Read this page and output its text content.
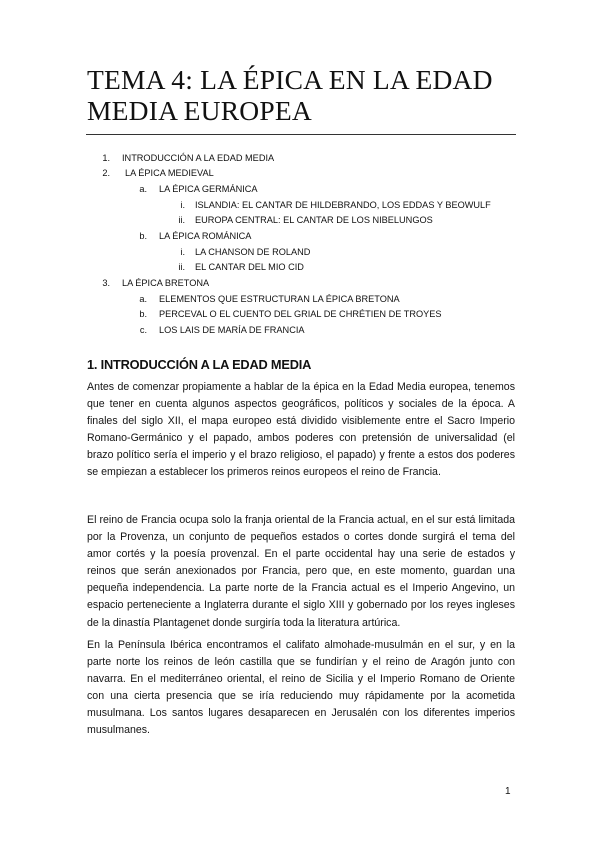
TEMA 4: LA ÉPICA EN LA EDAD
MEDIA EUROPEA
1. INTRODUCCIÓN A LA EDAD MEDIA
2. LA ÉPICA MEDIEVAL
a. LA ÉPICA GERMÁNICA
i. ISLANDIA: EL CANTAR DE HILDEBRANDO, LOS EDDAS Y BEOWULF
ii. EUROPA CENTRAL: EL CANTAR DE LOS NIBELUNGOS
b. LA ÉPICA ROMÁNICA
i. LA CHANSON DE ROLAND
ii. EL CANTAR DEL MIO CID
3. LA ÉPICA BRETONA
a. ELEMENTOS QUE ESTRUCTURAN LA ÉPICA BRETONA
b. PERCEVAL O EL CUENTO DEL GRIAL DE CHRÉTIEN DE TROYES
c. LOS LAIS DE MARÍA DE FRANCIA
1. INTRODUCCIÓN A LA EDAD MEDIA

Antes de comenzar propiamente a hablar de la épica en la Edad Media europea, tenemos que tener en cuenta algunos aspectos geográficos, políticos y sociales de la época. A finales del siglo XII, el mapa europeo está dividido visiblemente entre el Sacro Imperio Romano-Germánico y el papado, ambos poderes con pretensión de universalidad (el brazo político sería el imperio y el brazo religioso, el papado) y frente a estos dos poderes se empiezan a establecer los primeros reinos europeos el reino de Francia.

El reino de Francia ocupa solo la franja oriental de la Francia actual, en el sur está limitada por la Provenza, un conjunto de pequeños estados o cortes donde surgirá el tema del amor cortés y la poesía provenzal. En el parte occidental hay una serie de estados y reinos que serán anexionados por Francia, pero que, en este momento, guardan una pequeña independencia. La parte norte de la Francia actual es el Imperio Angevino, un espacio perteneciente a Inglaterra durante el siglo XIII y gobernado por los reyes ingleses de la dinastía Plantagenet donde surgiría toda la literatura artúrica.

En la Península Ibérica encontramos el califato almohade-musulmán en el sur, y en la parte norte los reinos de león castilla que se fundirían y el reino de Aragón junto con navarra. En el mediterráneo oriental, el reino de Sicilia y el Imperio Romano de Oriente con una cierta presencia que se iría reduciendo muy rápidamente por la acometida musulmana. Los santos lugares desaparecen en Jerusalén con los diferentes imperios musulmanes.

1
